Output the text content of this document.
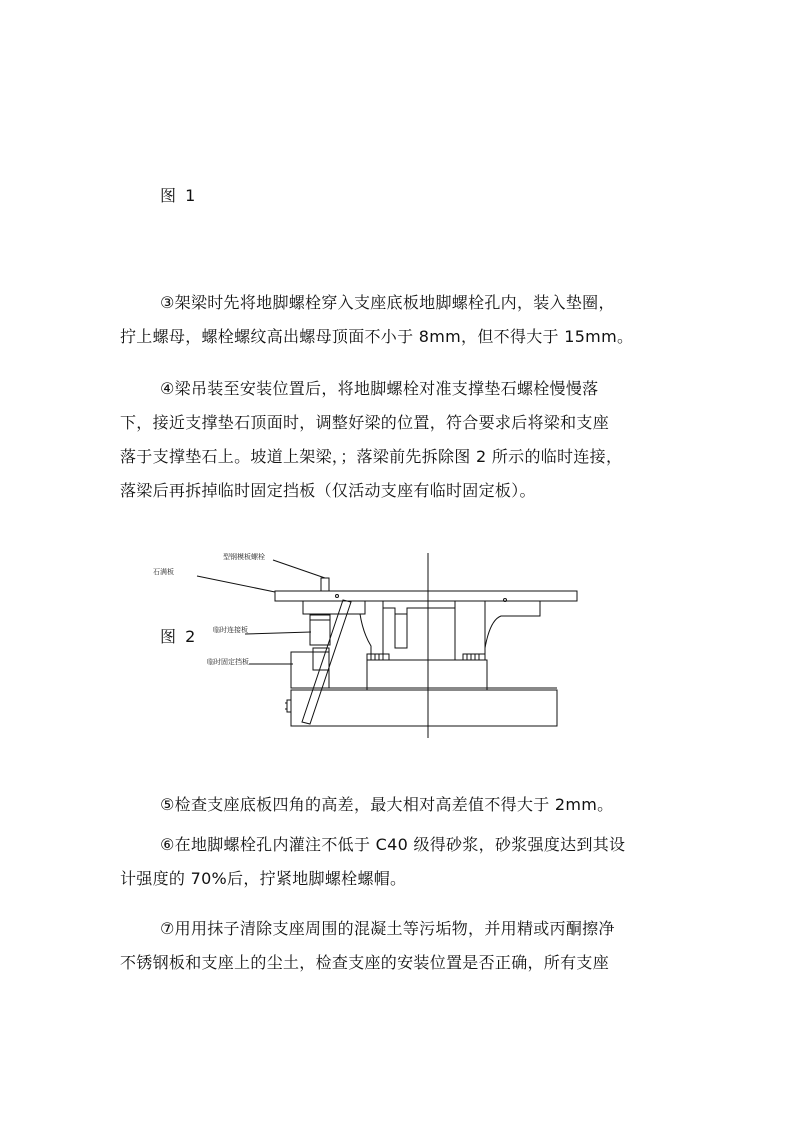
图 1
③架梁时先将地脚螺栓穿入支座底板地脚螺栓孔内，装入垫圈，
拧上螺母，螺栓螺纹高出螺母顶面不小于 8mm，但不得大于 15mm。
④梁吊装至安装位置后，将地脚螺栓对准支撑垫石螺栓慢慢落
下，接近支撑垫石顶面时，调整好梁的位置，符合要求后将梁和支座
落于支撑垫石上。坡道上架梁，；落梁前先拆除图 2 所示的临时连接，
落梁后再拆掉临时固定挡板（仅活动支座有临时固定板）。
图 2
型钢模板螺栓
石满板
临时连接板
临时固定挡板
⑤检查支座底板四角的高差，最大相对高差值不得大于 2mm。
⑥在地脚螺栓孔内灌注不低于 C40 级得砂浆，砂浆强度达到其设
计强度的 70%后，拧紧地脚螺栓螺帽。
⑦用用抹子清除支座周围的混凝土等污垢物，并用精或丙酮擦净
不锈钢板和支座上的尘土，检查支座的安装位置是否正确，所有支座
